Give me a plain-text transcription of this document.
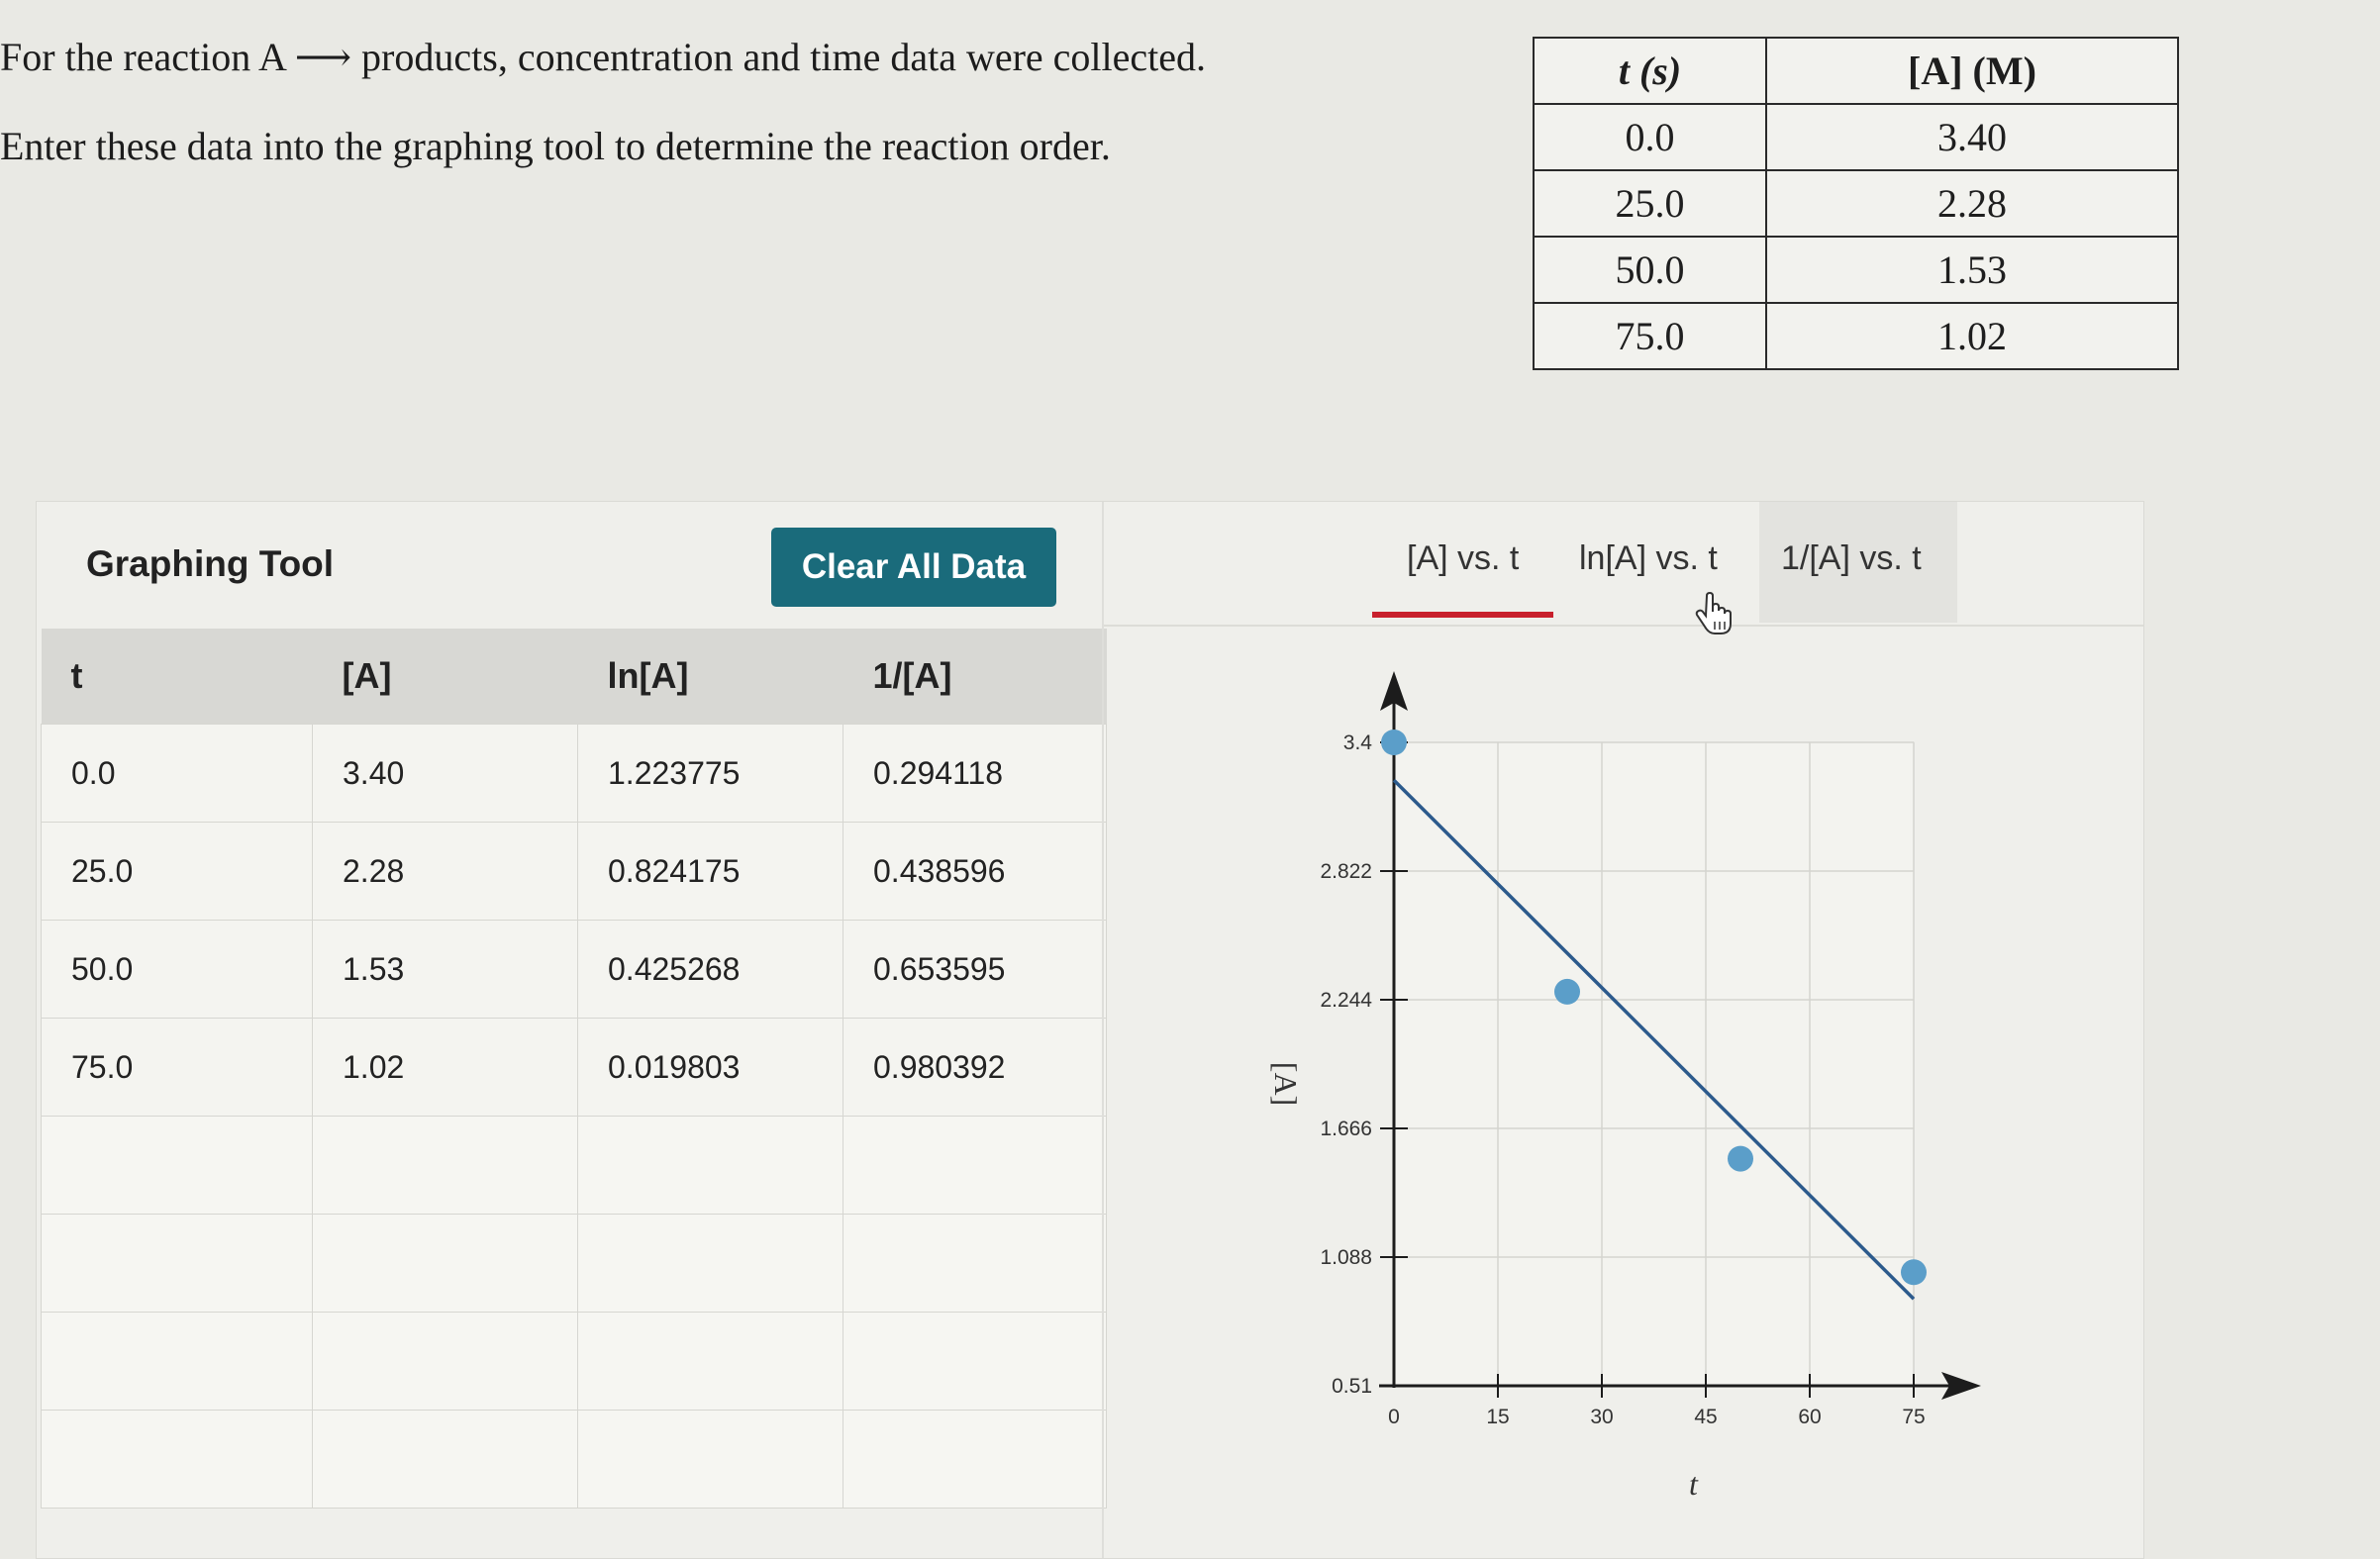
For the reaction A ⟶ products, concentration and time data were collected.

Enter these data into the graphing tool to determine the reaction order.

t (s)	[A] (M)
0.0	3.40
25.0	2.28
50.0	1.53
75.0	1.02
Graphing Tool	Clear All Data
t	[A]	ln[A]	1/[A]
0.0	3.40	1.223775	0.294118
25.0	2.28	0.824175	0.438596
50.0	1.53	0.425268	0.653595
75.0	1.02	0.019803	0.980392

[A] vs. t ln[A] vs. t 1/[A] vs. t
0	15	30	45	60	75
0.51
1.088
1.666
2.244
2.822
3.4
[A]
t
